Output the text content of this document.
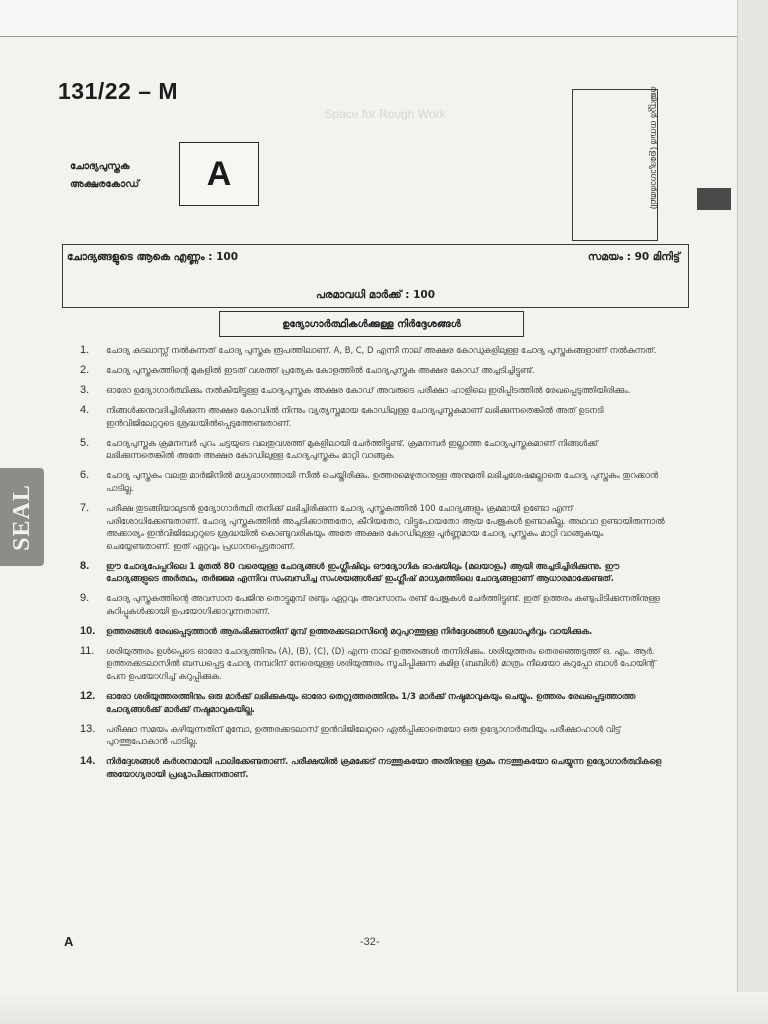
131/22 – M
Space for Rough Work
ചോദ്യപുസ്തക
അക്ഷരകോഡ്	A	രജിസ്റ്റർ നമ്പർ (ഉദ്യോഗാർത്ഥി)
ചോദ്യങ്ങളുടെ ആകെ എണ്ണം : 100	സമയം : 90 മിനിട്ട്
പരമാവധി മാർക്ക് : 100
ഉദ്യോഗാർത്ഥികൾക്കുള്ള നിർദ്ദേശങ്ങൾ
1. ചോദ്യ കടലാസ്സ് നൽകുന്നത് ചോദ്യ പുസ്തക രൂപത്തിലാണ്. A, B, C, D എന്നീ നാല് അക്ഷര കോഡുകളിലുള്ള ചോദ്യ പുസ്തകങ്ങളാണ് നൽകുന്നത്.
2. ചോദ്യ പുസ്തകത്തിന്റെ മുകളിൽ ഇടത് വശത്ത് പ്രത്യേക കോളത്തിൽ ചോദ്യപുസ്തക അക്ഷര കോഡ് അച്ചടിച്ചിട്ടുണ്ട്.
3. ഓരോ ഉദ്യോഗാർത്ഥിക്കും നൽകിയിട്ടുള്ള ചോദ്യപുസ്തക അക്ഷര കോഡ് അവരുടെ പരീക്ഷാ ഹാളിലെ ഇരിപ്പിടത്തിൽ രേഖപ്പെടുത്തിയിരിക്കും.
4. നിങ്ങൾക്കനുവദിച്ചിരിക്കുന്ന അക്ഷര കോഡിൽ നിന്നും വ്യത്യസ്തമായ കോഡിലുള്ള ചോദ്യപുസ്തകമാണ് ലഭിക്കുന്നതെങ്കിൽ അത് ഉടനടി ഇൻവിജിലേറ്ററുടെ ശ്രദ്ധയിൽപ്പെടുത്തേണ്ടതാണ്.
5. ചോദ്യപുസ്തക ക്രമനമ്പർ പുറം ചട്ടയുടെ വലതുവശത്ത് മുകളിലായി ചേർത്തിട്ടുണ്ട്. ക്രമനമ്പർ ഇല്ലാത്ത ചോദ്യപുസ്തകമാണ് നിങ്ങൾക്ക് ലഭിക്കുന്നതെങ്കിൽ അതേ അക്ഷര കോഡിലുള്ള ചോദ്യപുസ്തകം മാറ്റി വാങ്ങുക.
6. ചോദ്യ പുസ്തകം വലതു മാർജിനിൽ മധ്യഭാഗത്തായി സീൽ ചെയ്തിരിക്കും. ഉത്തരമെഴുതാനുള്ള അനുമതി ലഭിച്ചശേഷമല്ലാതെ ചോദ്യ പുസ്തകം തുറക്കാൻ പാടില്ല.
7. പരീക്ഷ തുടങ്ങിയാലുടൻ ഉദ്യോഗാർത്ഥി തനിക്ക് ലഭിച്ചിരിക്കുന്ന ചോദ്യ പുസ്തകത്തിൽ 100 ചോദ്യങ്ങളും ക്രമമായി ഉണ്ടോ എന്ന് പരിശോധിക്കേണ്ടതാണ്. ചോദ്യ പുസ്തകത്തിൽ അച്ചടിക്കാത്തതോ, കീറിയതോ, വിട്ടുപോയതോ ആയ പേജുകൾ ഉണ്ടാകില്ല. അഥവാ ഉണ്ടായിരുന്നാൽ അക്കാര്യം ഇൻവിജിലേറ്ററുടെ ശ്രദ്ധയിൽ കൊണ്ടുവരികയും അതേ അക്ഷര കോഡിലുള്ള പൂർണ്ണമായ ചോദ്യ പുസ്തകം മാറ്റി വാങ്ങുകയും ചെയ്യേണ്ടതാണ്. ഇത് ഏറ്റവും പ്രധാനപ്പെട്ടതാണ്.
8. ഈ ചോദ്യപേപ്പറിലെ 1 മുതൽ 80 വരെയുള്ള ചോദ്യങ്ങൾ ഇംഗ്ലീഷിലും ഔദ്യോഗിക ഭാഷയിലും (മലയാളം) ആയി അച്ചടിച്ചിരിക്കുന്നു. ഈ ചോദ്യങ്ങളുടെ അർത്ഥം, തർജ്ജമ എന്നിവ സംബന്ധിച്ച സംശയങ്ങൾക്ക് ഇംഗ്ലീഷ് മാധ്യമത്തിലെ ചോദ്യങ്ങളാണ് ആധാരമാക്കേണ്ടത്.
9. ചോദ്യ പുസ്തകത്തിന്റെ അവസാന പേജിനു തൊട്ടുമുമ്പ് രണ്ടും ഏറ്റവും അവസാനം രണ്ട് പേജുകൾ ചേർത്തിട്ടുണ്ട്. ഇത് ഉത്തരം കണ്ടുപിടിക്കുന്നതിനുള്ള കുറിപ്പുകൾക്കായി ഉപയോഗിക്കാവുന്നതാണ്.
10. ഉത്തരങ്ങൾ രേഖപ്പെടുത്താൻ ആരംഭിക്കുന്നതിന് മുമ്പ് ഉത്തരക്കടലാസിന്റെ മറുപുറത്തുള്ള നിർദ്ദേശങ്ങൾ ശ്രദ്ധാപൂർവ്വം വായിക്കുക.
11. ശരിയുത്തരം ഉൾപ്പെടെ ഓരോ ചോദ്യത്തിനും (A), (B), (C), (D) എന്ന നാല് ഉത്തരങ്ങൾ തന്നിരിക്കും. ശരിയുത്തരം തെരഞ്ഞെടുത്ത് ഒ. എം. ആർ. ഉത്തരക്കടലാസിൽ ബന്ധപ്പെട്ട ചോദ്യ നമ്പറിന് നേരെയുള്ള ശരിയുത്തരം സൂചിപ്പിക്കുന്ന കുമിള (ബബിൾ) മാത്രം നീലയോ കറുപ്പോ ബാൾ പോയിന്റ് പേന ഉപയോഗിച്ച് കറുപ്പിക്കുക.
12. ഓരോ ശരിയുത്തരത്തിനും ഒരു മാർക്ക് ലഭിക്കുകയും ഓരോ തെറ്റുത്തരത്തിനും 1/3 മാർക്ക് നഷ്ടമാവുകയും ചെയ്യും. ഉത്തരം രേഖപ്പെടുത്താത്ത ചോദ്യങ്ങൾക്ക് മാർക്ക് നഷ്ടമാവുകയില്ല.
13. പരീക്ഷാ സമയം കഴിയുന്നതിന് മുമ്പോ, ഉത്തരക്കടലാസ് ഇൻവിജിലേറ്ററെ ഏൽപ്പിക്കാതെയോ ഒരു ഉദ്യോഗാർത്ഥിയും പരീക്ഷാഹാൾ വിട്ട് പുറത്തുപോകാൻ പാടില്ല.
14. നിർദ്ദേശങ്ങൾ കർശനമായി പാലിക്കേണ്ടതാണ്. പരീക്ഷയിൽ ക്രമക്കേട് നടത്തുകയോ അതിനുള്ള ശ്രമം നടത്തുകയോ ചെയ്യുന്ന ഉദ്യോഗാർത്ഥികളെ അയോഗ്യരായി പ്രഖ്യാപിക്കുന്നതാണ്.
SEAL
A	-32-
